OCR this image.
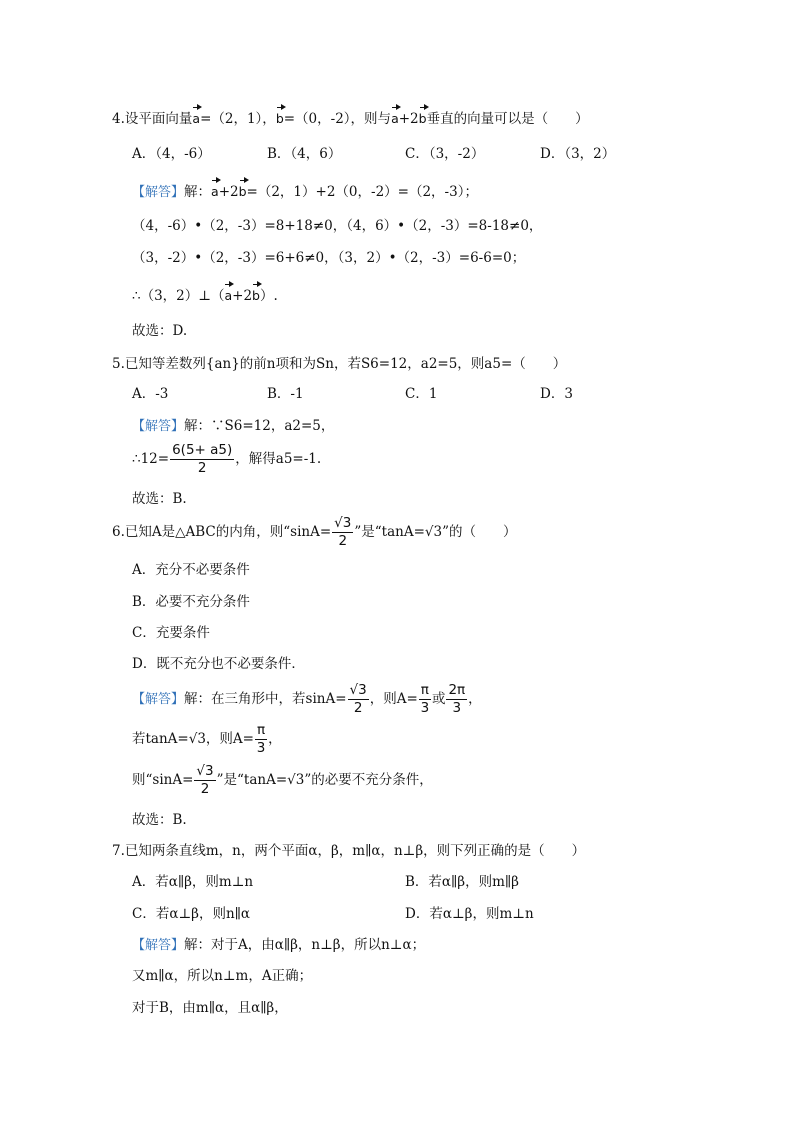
4.设平面向量a=（2，1），b=（0，-2），则与a+2b垂直的向量可以是（　　）
A．（4，-6）	B．（4，6）	C．（3，-2）	D．（3，2）
【解答】解：a+2b=（2，1）+2（0，-2）=（2，-3）；
（4，-6）•（2，-3）=8+18≠0，（4，6）•（2，-3）=8-18≠0，
（3，-2）•（2，-3）=6+6≠0，（3，2）•（2，-3）=6-6=0；
∴（3，2）⊥（a+2b）.
故选：D.
5.已知等差数列{an}的前n项和为Sn，若S6=12，a2=5，则a5=（　　）
A．-3	B．-1	C．1	D．3
【解答】解：∵S6=12，a2=5，
∴12= $\frac{6(5+ a5)}{2}$ ，解得a5=-1.
故选：B.
6.已知A是△ABC的内角，则“$\sin A= \frac{√3}{2}$ ”是“tanA=√3”的（　　）
A．充分不必要条件
B．必要不充分条件
C．充要条件
D．既不充分也不必要条件．
【解答】解：在三角形中，若$\sin A= \frac{√3}{2}$ ，则$A= \frac{\pi}{3}$ 或 $\frac{2\pi}{3}$ ，
若tanA=√3，则$A= \frac{\pi}{3}$ ，
则“$\sin A= \frac{√3}{2}$ ”是“tanA=√3”的必要不充分条件，
故选：B.
7.已知两条直线m，n，两个平面α，β，m∥α，n⊥β，则下列正确的是（　　）
A．若α∥β，则m⊥n	B．若α∥β，则m∥β
C．若α⊥β，则n∥α	D．若α⊥β，则m⊥n
【解答】解：对于A，由α∥β，n⊥β，所以n⊥α；
又m∥α，所以n⊥m，A正确；
对于B，由m∥α，且α∥β，
